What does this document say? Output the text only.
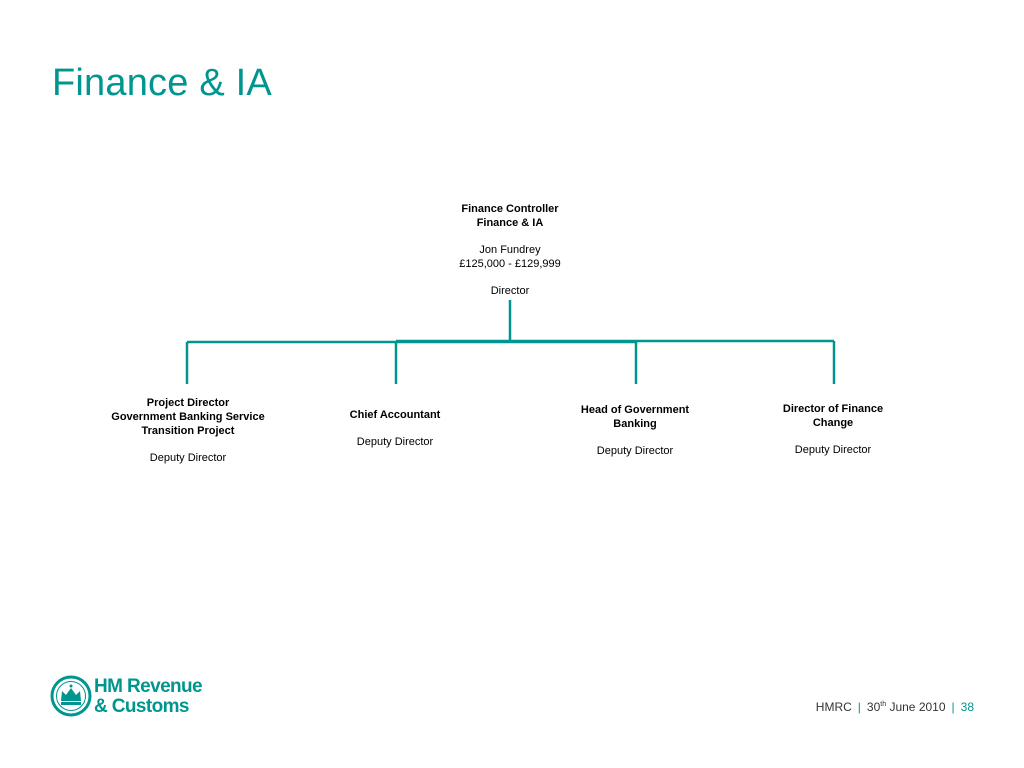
Finance & IA
Finance Controller
Finance & IA
Jon Fundrey
£125,000 - £129,999
Director
Project Director
Government Banking Service
Transition Project
Deputy Director
Chief Accountant
Deputy Director
Head of Government
Banking
Deputy Director
Director of Finance
Change
Deputy Director
HM Revenue
& Customs	HMRC | 30th June 2010 | 38
